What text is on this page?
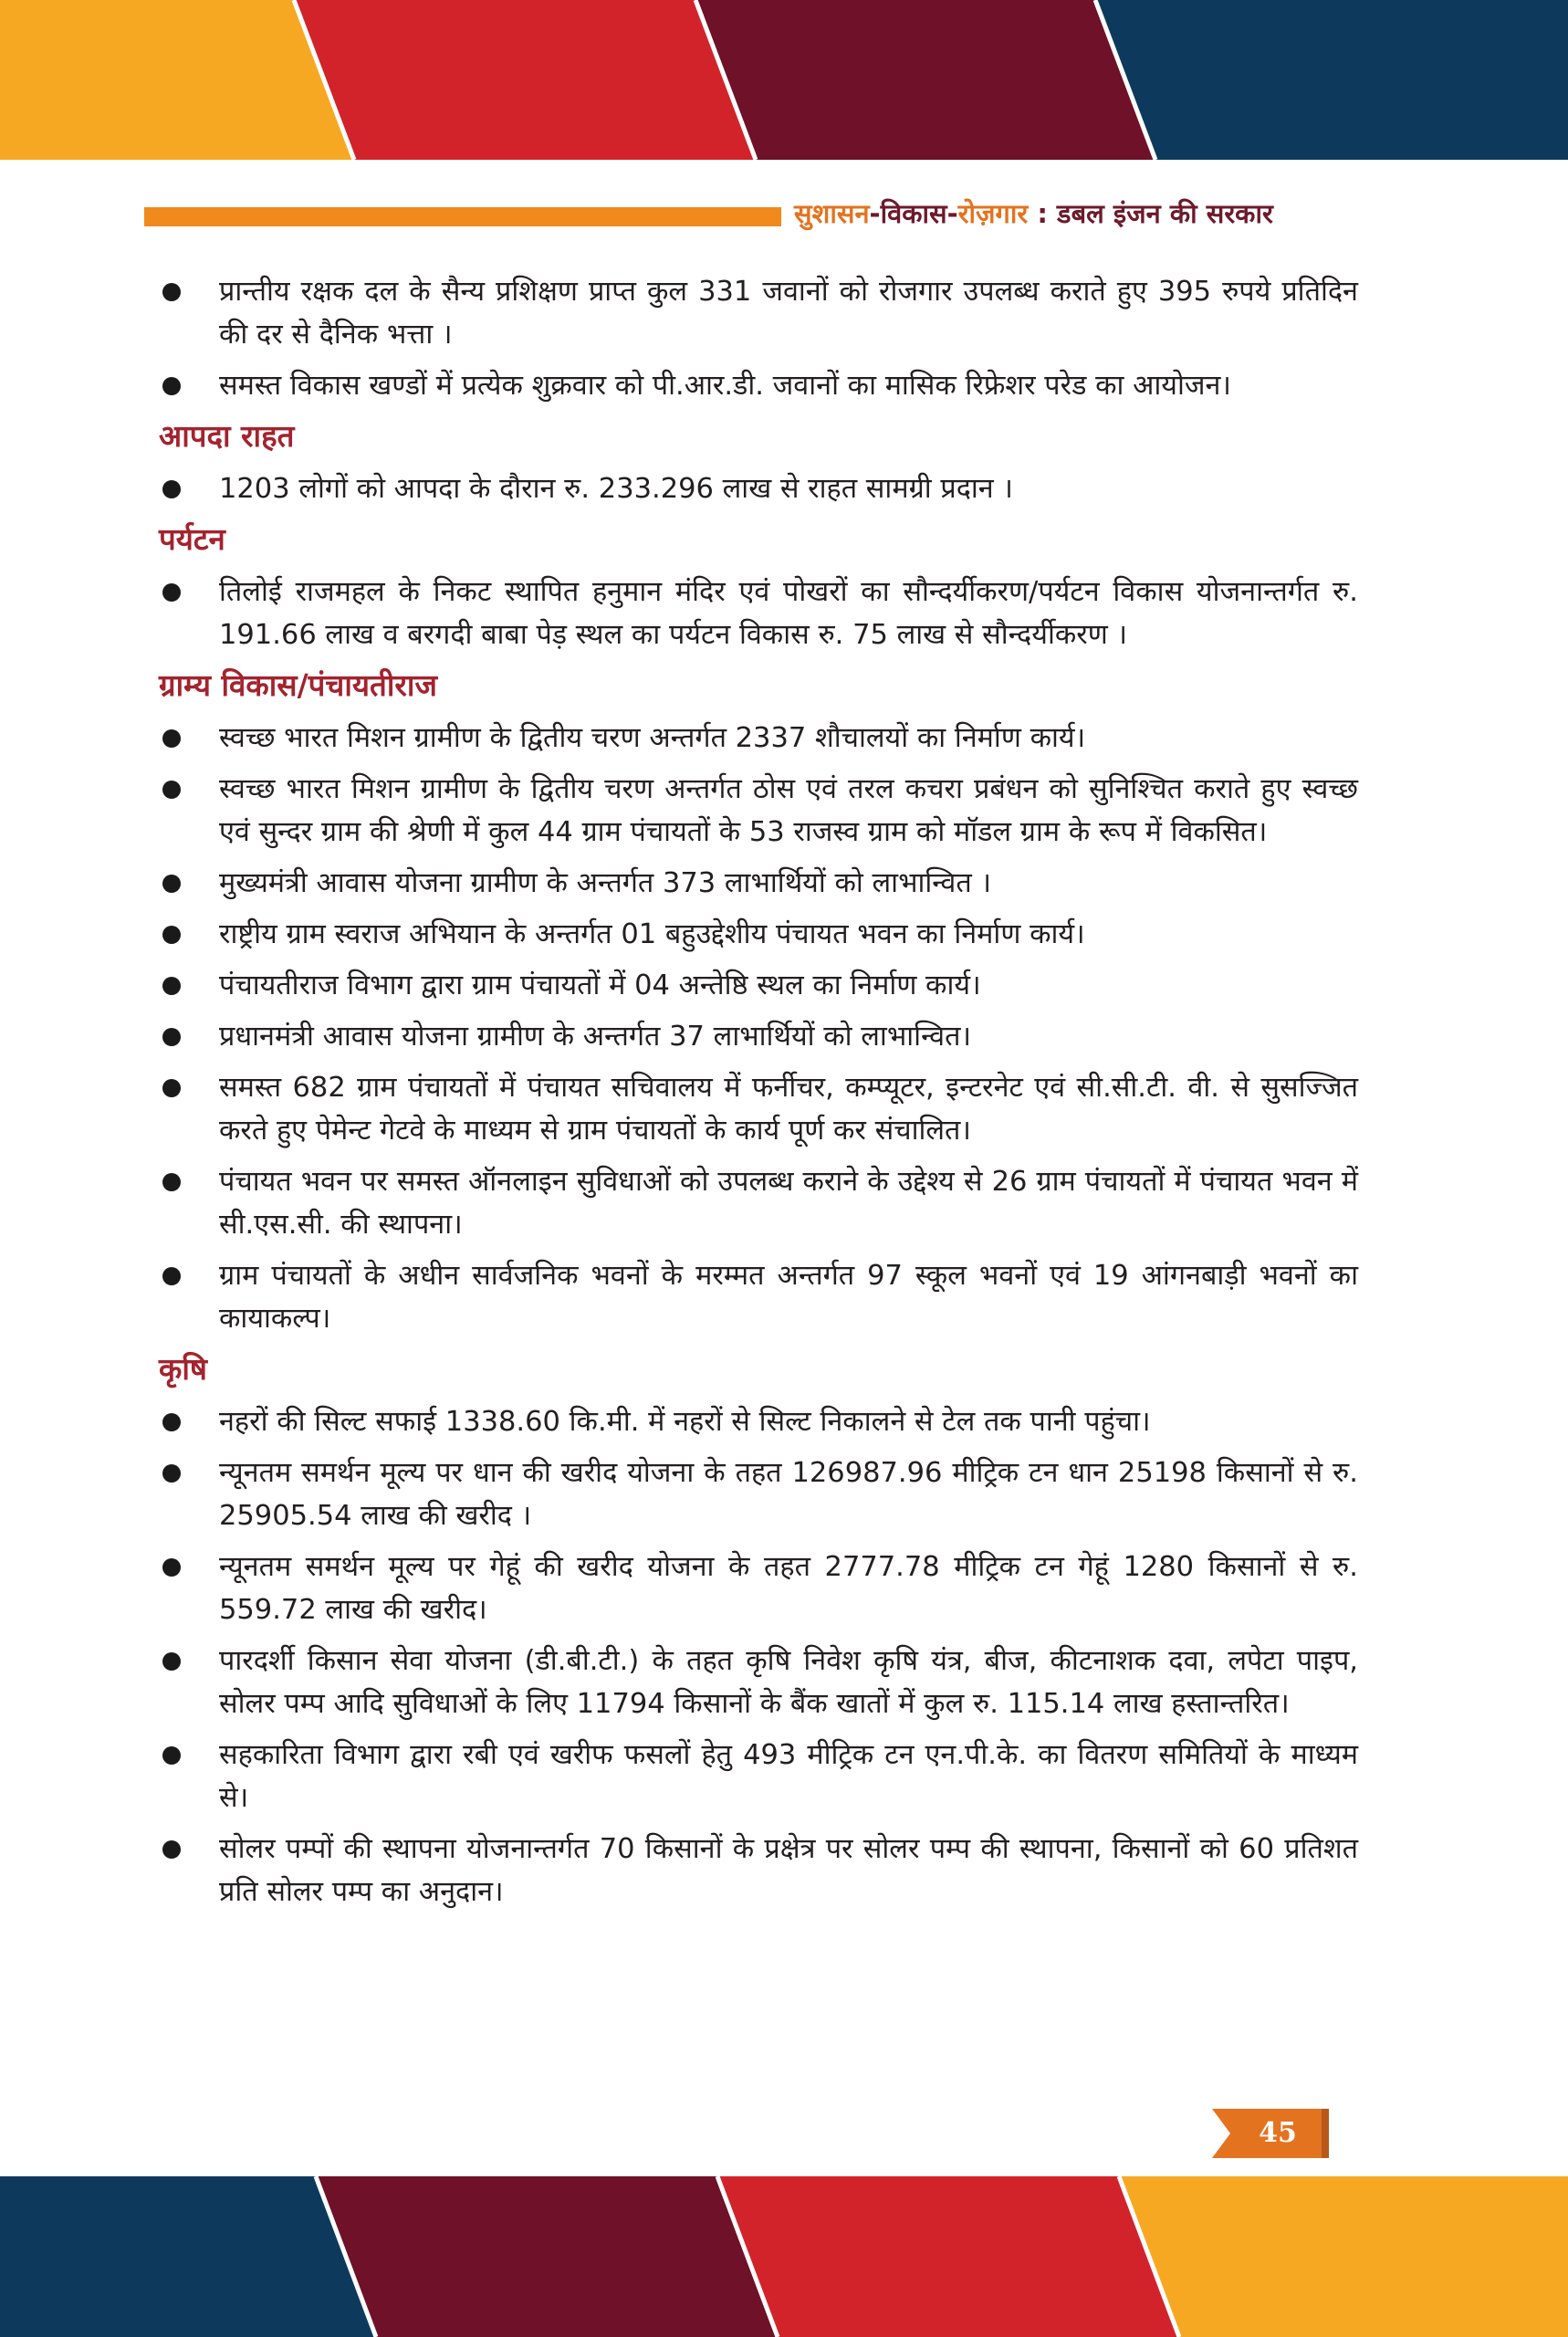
सुशासन-विकास-रोज़गार : डबल इंजन की सरकार
प्रान्तीय रक्षक दल के सैन्य प्रशिक्षण प्राप्त कुल 331 जवानों को रोजगार उपलब्ध कराते हुए 395 रुपये प्रतिदिन की दर से दैनिक भत्ता ।
समस्त विकास खण्डों में प्रत्येक शुक्रवार को पी.आर.डी. जवानों का मासिक रिफ्रेशर परेड का आयोजन।
आपदा राहत
1203 लोगों को आपदा के दौरान रु. 233.296 लाख से राहत सामग्री प्रदान ।
पर्यटन
तिलोई राजमहल के निकट स्थापित हनुमान मंदिर एवं पोखरों का सौन्दर्यीकरण/पर्यटन विकास योजनान्तर्गत रु. 191.66 लाख व बरगदी बाबा पेड़ स्थल का पर्यटन विकास रु. 75 लाख से सौन्दर्यीकरण ।
ग्राम्य विकास/पंचायतीराज
स्वच्छ भारत मिशन ग्रामीण के द्वितीय चरण अन्तर्गत 2337 शौचालयों का निर्माण कार्य।
स्वच्छ भारत मिशन ग्रामीण के द्वितीय चरण अन्तर्गत ठोस एवं तरल कचरा प्रबंधन को सुनिश्चित कराते हुए स्वच्छ एवं सुन्दर ग्राम की श्रेणी में कुल 44 ग्राम पंचायतों के 53 राजस्व ग्राम को मॉडल ग्राम के रूप में विकसित।
मुख्यमंत्री आवास योजना ग्रामीण के अन्तर्गत 373 लाभार्थियों को लाभान्वित ।
राष्ट्रीय ग्राम स्वराज अभियान के अन्तर्गत 01 बहुउद्देशीय पंचायत भवन का निर्माण कार्य।
पंचायतीराज विभाग द्वारा ग्राम पंचायतों में 04 अन्तेष्ठि स्थल का निर्माण कार्य।
प्रधानमंत्री आवास योजना ग्रामीण के अन्तर्गत 37 लाभार्थियों को लाभान्वित।
समस्त 682 ग्राम पंचायतों में पंचायत सचिवालय में फर्नीचर, कम्प्यूटर, इन्टरनेट एवं सी.सी.टी. वी. से सुसज्जित करते हुए पेमेन्ट गेटवे के माध्यम से ग्राम पंचायतों के कार्य पूर्ण कर संचालित।
पंचायत भवन पर समस्त ऑनलाइन सुविधाओं को उपलब्ध कराने के उद्देश्य से 26 ग्राम पंचायतों में पंचायत भवन में सी.एस.सी. की स्थापना।
ग्राम पंचायतों के अधीन सार्वजनिक भवनों के मरम्मत अन्तर्गत 97 स्कूल भवनों एवं 19 आंगनबाड़ी भवनों का कायाकल्प।
कृषि
नहरों की सिल्ट सफाई 1338.60 कि.मी. में नहरों से सिल्ट निकालने से टेल तक पानी पहुंचा।
न्यूनतम समर्थन मूल्य पर धान की खरीद योजना के तहत 126987.96 मीट्रिक टन धान 25198 किसानों से रु. 25905.54 लाख की खरीद ।
न्यूनतम समर्थन मूल्य पर गेहूं की खरीद योजना के तहत 2777.78 मीट्रिक टन गेहूं 1280 किसानों से रु. 559.72 लाख की खरीद।
पारदर्शी किसान सेवा योजना (डी.बी.टी.) के तहत कृषि निवेश कृषि यंत्र, बीज, कीटनाशक दवा, लपेटा पाइप, सोलर पम्प आदि सुविधाओं के लिए 11794 किसानों के बैंक खातों में कुल रु. 115.14 लाख हस्तान्तरित।
सहकारिता विभाग द्वारा रबी एवं खरीफ फसलों हेतु 493 मीट्रिक टन एन.पी.के. का वितरण समितियों के माध्यम से।
सोलर पम्पों की स्थापना योजनान्तर्गत 70 किसानों के प्रक्षेत्र पर सोलर पम्प की स्थापना, किसानों को 60 प्रतिशत प्रति सोलर पम्प का अनुदान।
45
